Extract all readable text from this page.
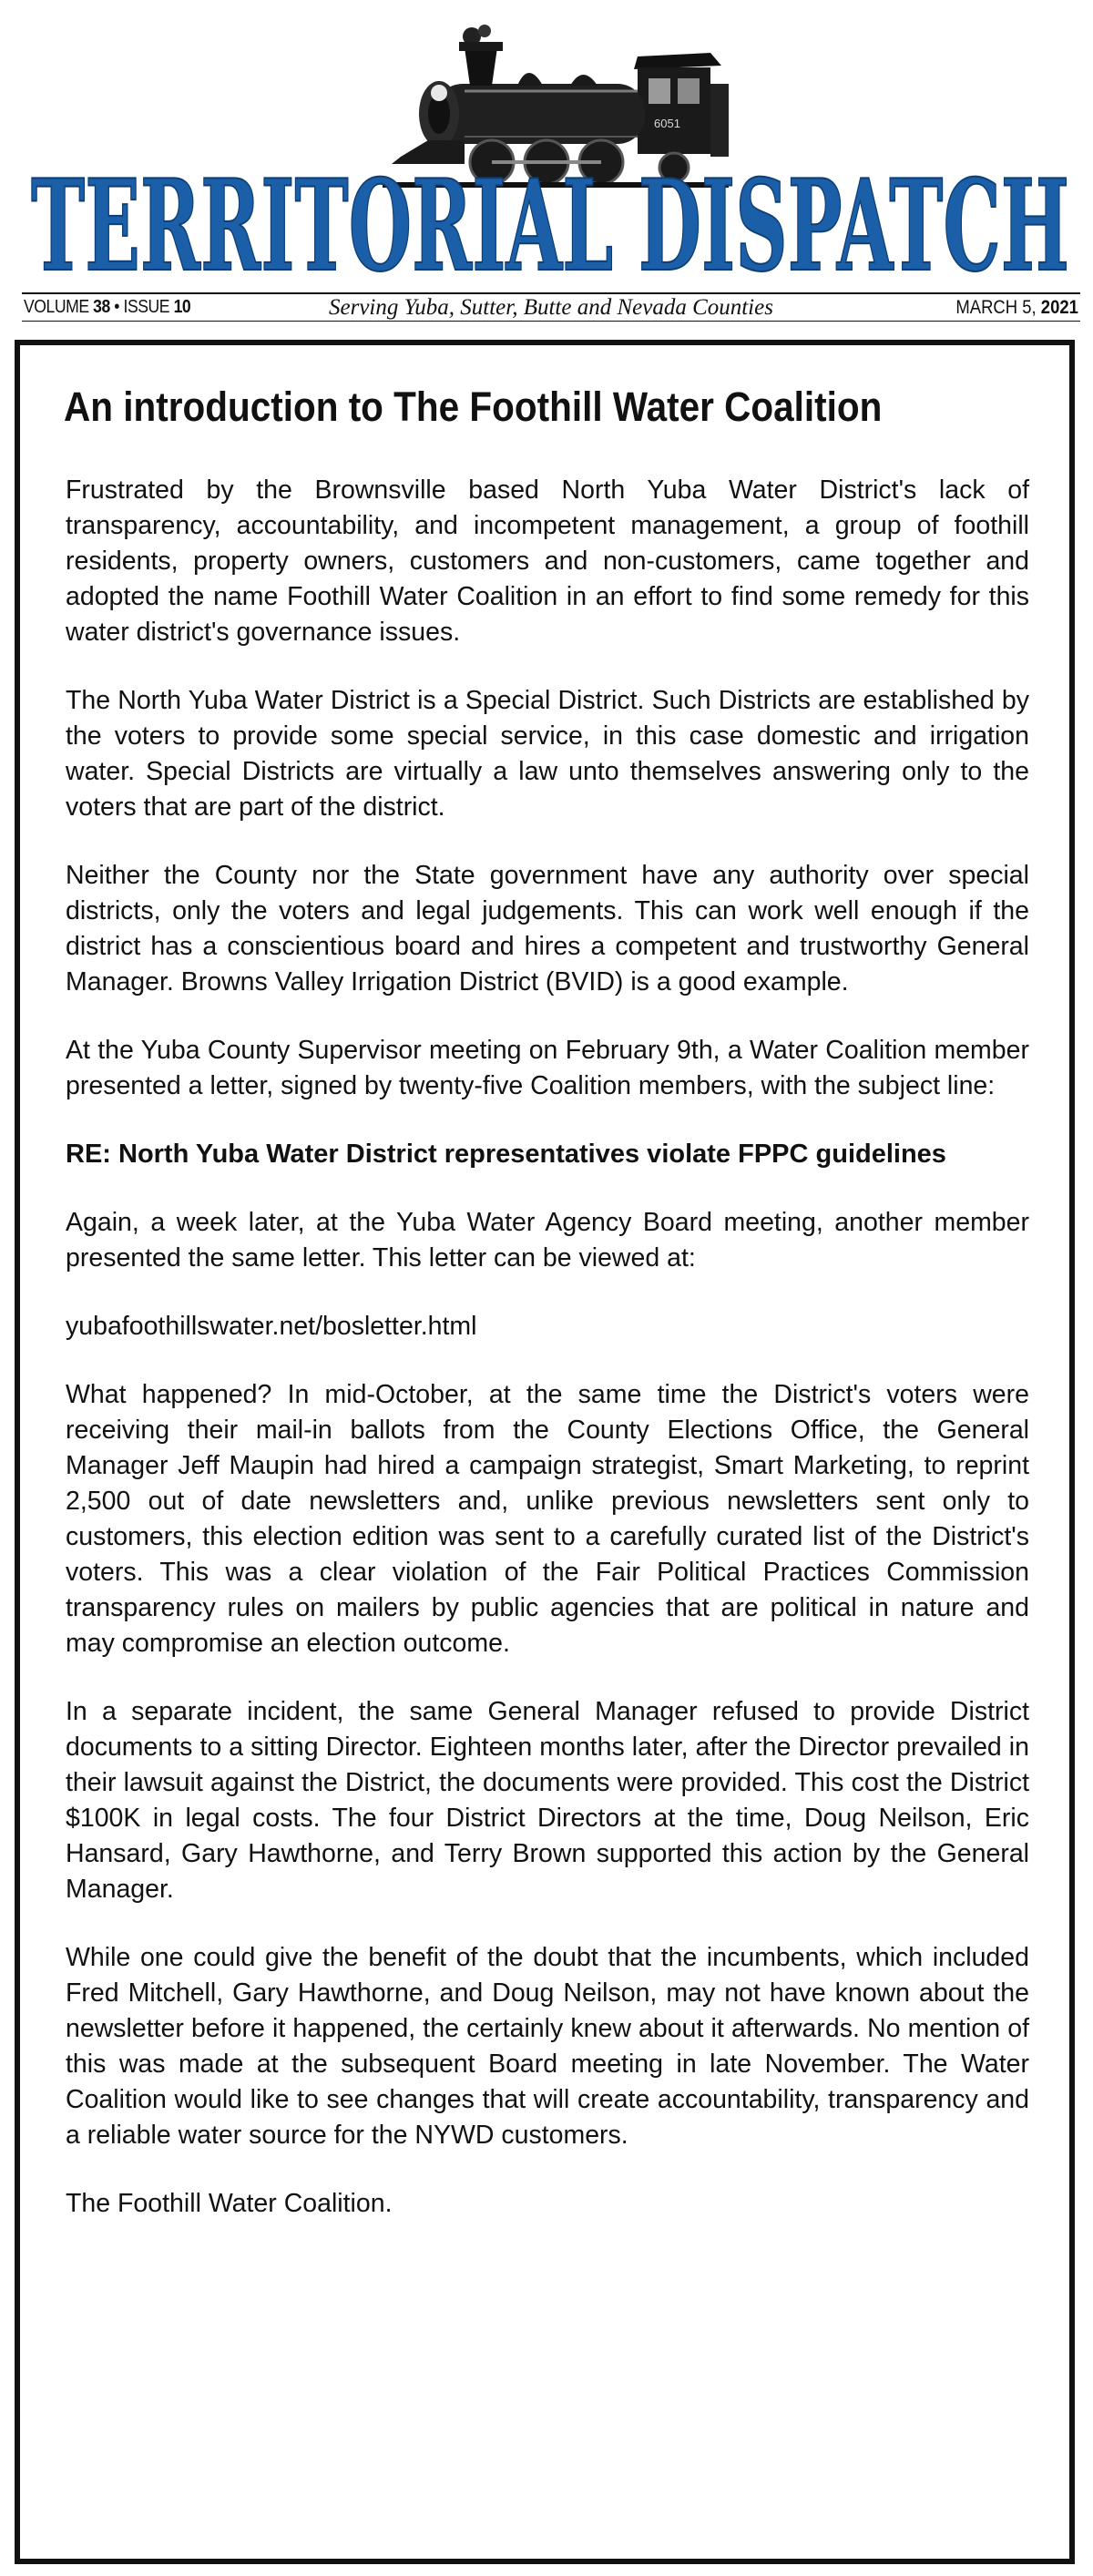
6051
TERRITORIAL DISPATCH
VOLUME 38 • ISSUE 10	Serving Yuba, Sutter, Butte and Nevada Counties	MARCH 5, 2021
An introduction to The Foothill Water Coalition

Frustrated by the Brownsville based North Yuba Water District's lack of transparency, accountability, and incompetent management, a group of foothill residents, property owners, customers and non-customers, came together and adopted the name Foothill Water Coalition in an effort to find some remedy for this water district's governance issues.

The North Yuba Water District is a Special District. Such Districts are established by the voters to provide some special service, in this case domestic and irrigation water. Special Districts are virtually a law unto themselves answering only to the voters that are part of the district.

Neither the County nor the State government have any authority over special districts, only the voters and legal judgements. This can work well enough if the district has a conscientious board and hires a competent and trustworthy General Manager. Browns Valley Irrigation District (BVID) is a good example.

At the Yuba County Supervisor meeting on February 9th, a Water Coalition member presented a letter, signed by twenty-five Coalition members, with the subject line:

RE: North Yuba Water District representatives violate FPPC guidelines

Again, a week later, at the Yuba Water Agency Board meeting, another member presented the same letter. This letter can be viewed at:

yubafoothillswater.net/bosletter.html

What happened? In mid-October, at the same time the District's voters were receiving their mail-in ballots from the County Elections Office, the General Manager Jeff Maupin had hired a campaign strategist, Smart Marketing, to reprint 2,500 out of date newsletters and, unlike previous newsletters sent only to customers, this election edition was sent to a carefully curated list of the District's voters. This was a clear violation of the Fair Political Practices Commission transparency rules on mailers by public agencies that are political in nature and may compromise an election outcome.

In a separate incident, the same General Manager refused to provide District documents to a sitting Director. Eighteen months later, after the Director prevailed in their lawsuit against the District, the documents were provided. This cost the District $100K in legal costs. The four District Directors at the time, Doug Neilson, Eric Hansard, Gary Hawthorne, and Terry Brown supported this action by the General Manager.

While one could give the benefit of the doubt that the incumbents, which included Fred Mitchell, Gary Hawthorne, and Doug Neilson, may not have known about the newsletter before it happened, the certainly knew about it afterwards. No mention of this was made at the subsequent Board meeting in late November. The Water Coalition would like to see changes that will create accountability, transparency and a reliable water source for the NYWD customers.

The Foothill Water Coalition.
